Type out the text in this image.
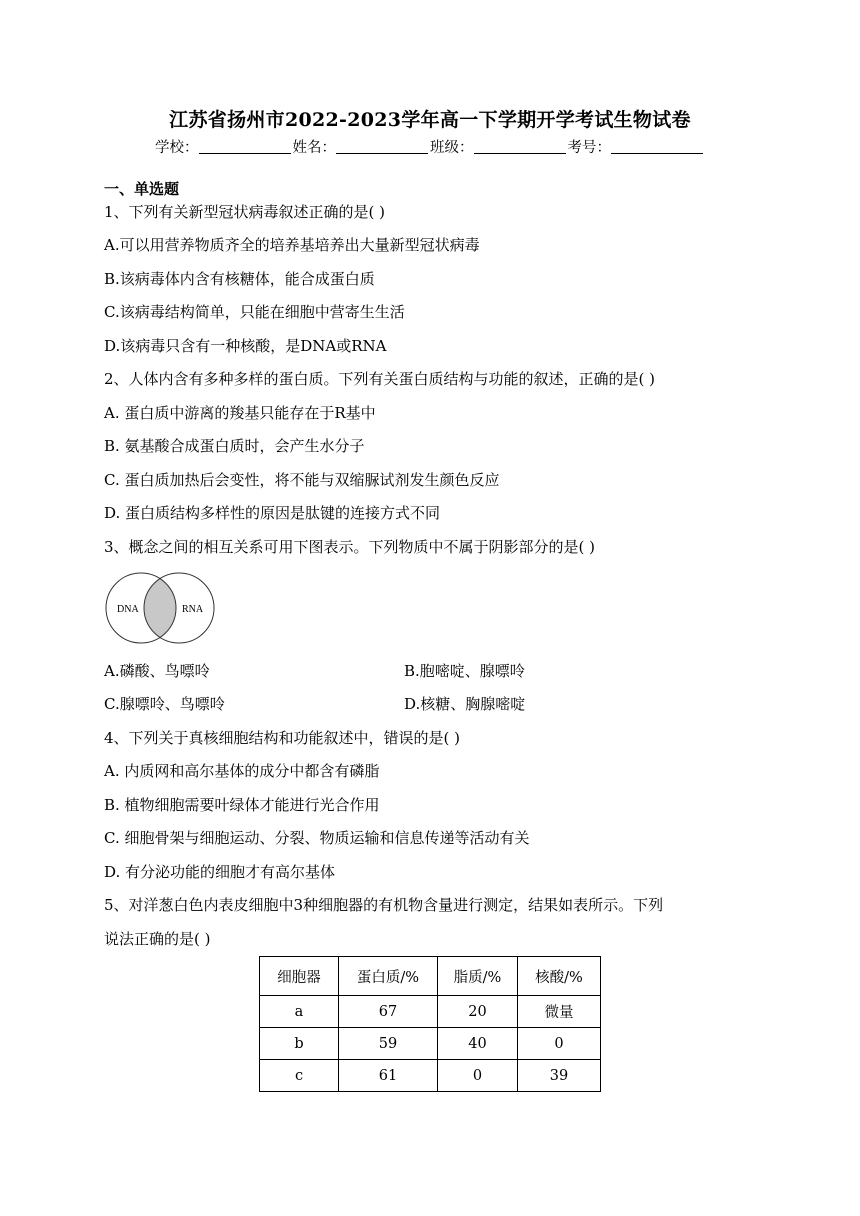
江苏省扬州市2022-2023学年高一下学期开学考试生物试卷
学校：	姓名：	班级：	考号：
一、单选题
1、下列有关新型冠状病毒叙述正确的是( )
A.可以用营养物质齐全的培养基培养出大量新型冠状病毒
B.该病毒体内含有核糖体，能合成蛋白质
C.该病毒结构简单，只能在细胞中营寄生生活
D.该病毒只含有一种核酸，是DNA或RNA
2、人体内含有多种多样的蛋白质。下列有关蛋白质结构与功能的叙述，正确的是( )
A. 蛋白质中游离的羧基只能存在于R基中
B. 氨基酸合成蛋白质时，会产生水分子
C. 蛋白质加热后会变性，将不能与双缩脲试剂发生颜色反应
D. 蛋白质结构多样性的原因是肽键的连接方式不同
3、概念之间的相互关系可用下图表示。下列物质中不属于阴影部分的是( )
DNA	RNA
A.磷酸、鸟嘌呤	B.胞嘧啶、腺嘌呤
C.腺嘌呤、鸟嘌呤	D.核糖、胸腺嘧啶
4、下列关于真核细胞结构和功能叙述中，错误的是( )
A. 内质网和高尔基体的成分中都含有磷脂
B. 植物细胞需要叶绿体才能进行光合作用
C. 细胞骨架与细胞运动、分裂、物质运输和信息传递等活动有关
D. 有分泌功能的细胞才有高尔基体
5、对洋葱白色内表皮细胞中3种细胞器的有机物含量进行测定，结果如表所示。下列
说法正确的是( )
细胞器	蛋白质/%	脂质/%	核酸/%
a	67	20	微量
b	59	40	0
c	61	0	39
